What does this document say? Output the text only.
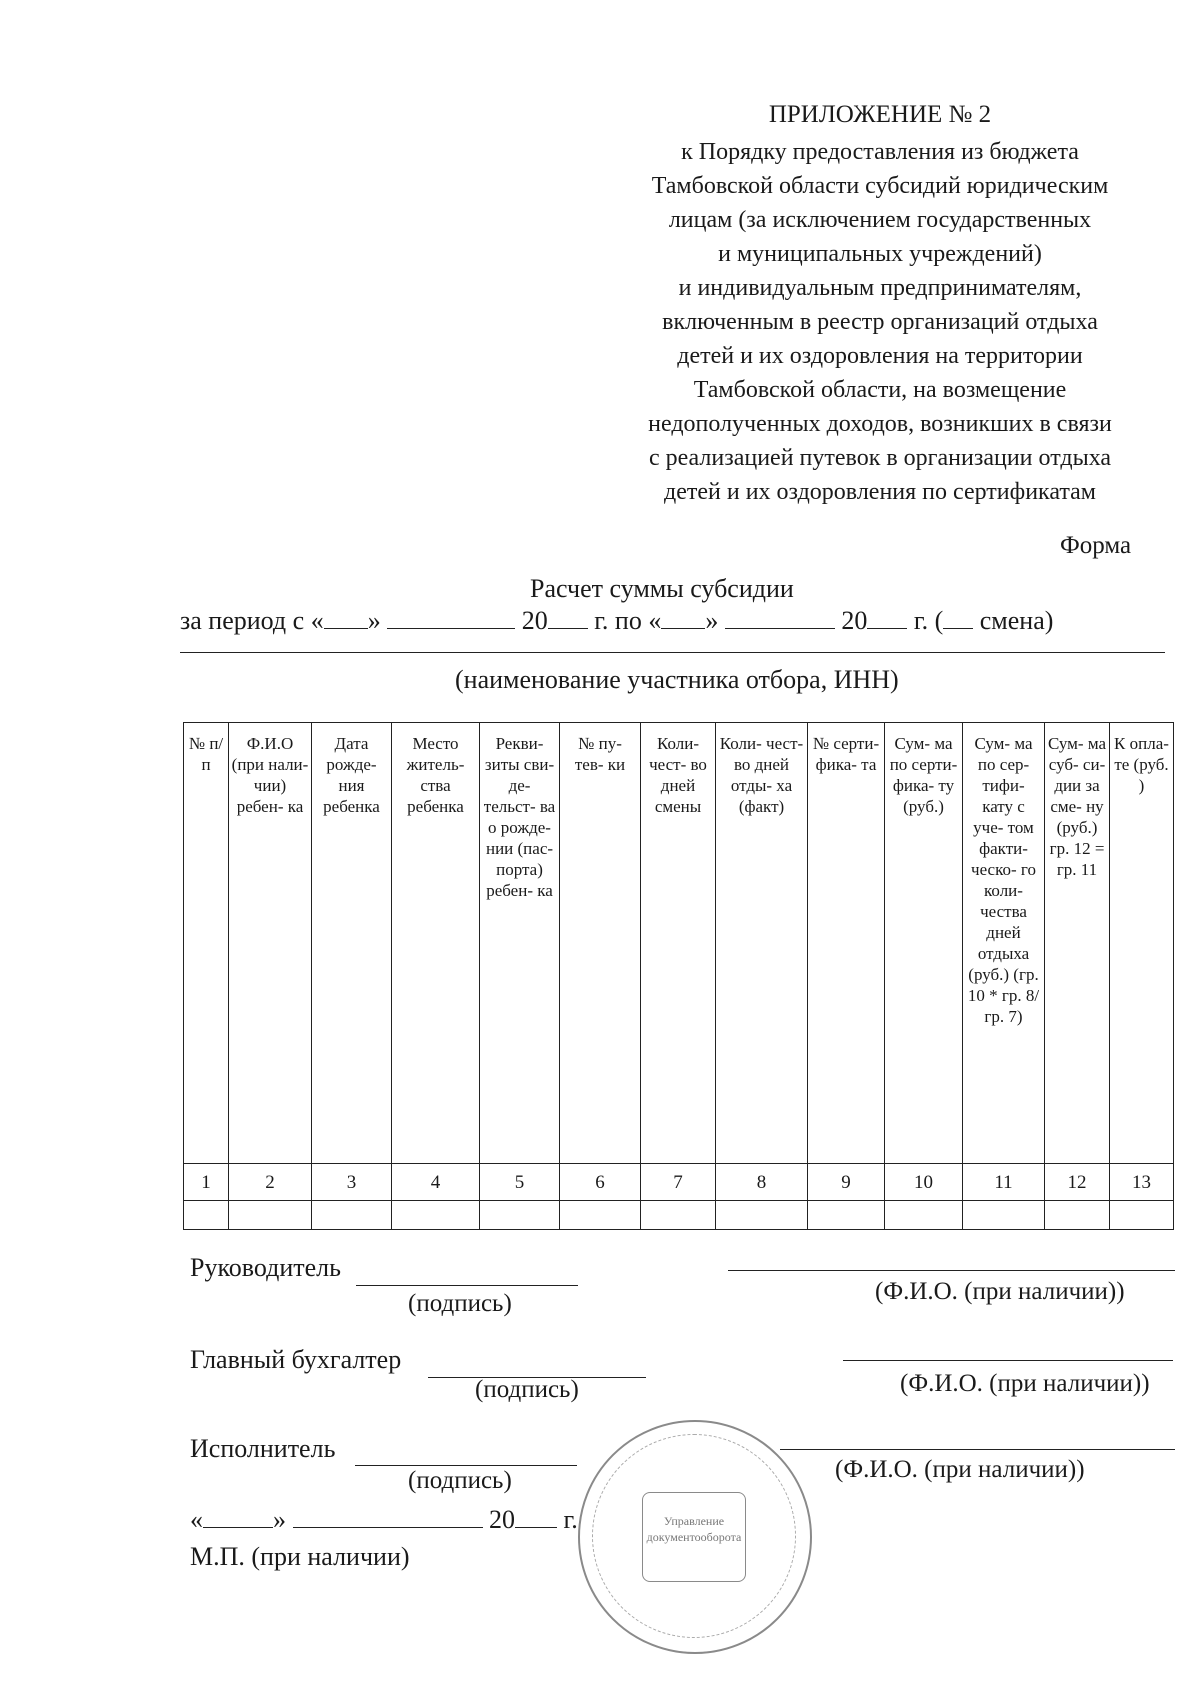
ПРИЛОЖЕНИЕ № 2
к Порядку предоставления из бюджета
Тамбовской области субсидий юридическим
лицам (за исключением государственных
и муниципальных учреждений)
и индивидуальным предпринимателям,
включенным в реестр организаций отдыха
детей и их оздоровления на территории
Тамбовской области, на возмещение
недополученных доходов, возникших в связи
с реализацией путевок в организации отдыха
детей и их оздоровления по сертификатам
Форма
Расчет суммы субсидии
за период с « »	20 г. по « »	20 г. ( смена)
(наименование участника отбора, ИНН)
№ п/п	Ф.И.О (при нали- чии) ребен- ка	Дата рожде- ния ребенка	Место житель- ства ребенка	Рекви- зиты сви- де- тельст- ва о рожде- нии (пас- порта) ребен- ка	№ пу- тев- ки	Коли- чест- во дней смены	Коли- чест- во дней отды- ха (факт)	№ серти- фика- та	Сум- ма по серти- фика- ту (руб.)	Сум- ма по сер- тифи- кату с уче- том факти- ческо- го коли- чества дней отдыха (руб.) (гр. 10 * гр. 8/ гр. 7)	Сум- ма суб- си- дии за сме- ну (руб.) гр. 12 = гр. 11	К опла- те (руб. )
1	2	3	4	5	6	7	8	9	10	11	12	13

Руководитель
(подпись)	(Ф.И.О. (при наличии))
Главный бухгалтер
(подпись)	(Ф.И.О. (при наличии))
Исполнитель
(подпись)	(Ф.И.О. (при наличии))
«	»	20 г.
М.П. (при наличии)
Управление документооборота
